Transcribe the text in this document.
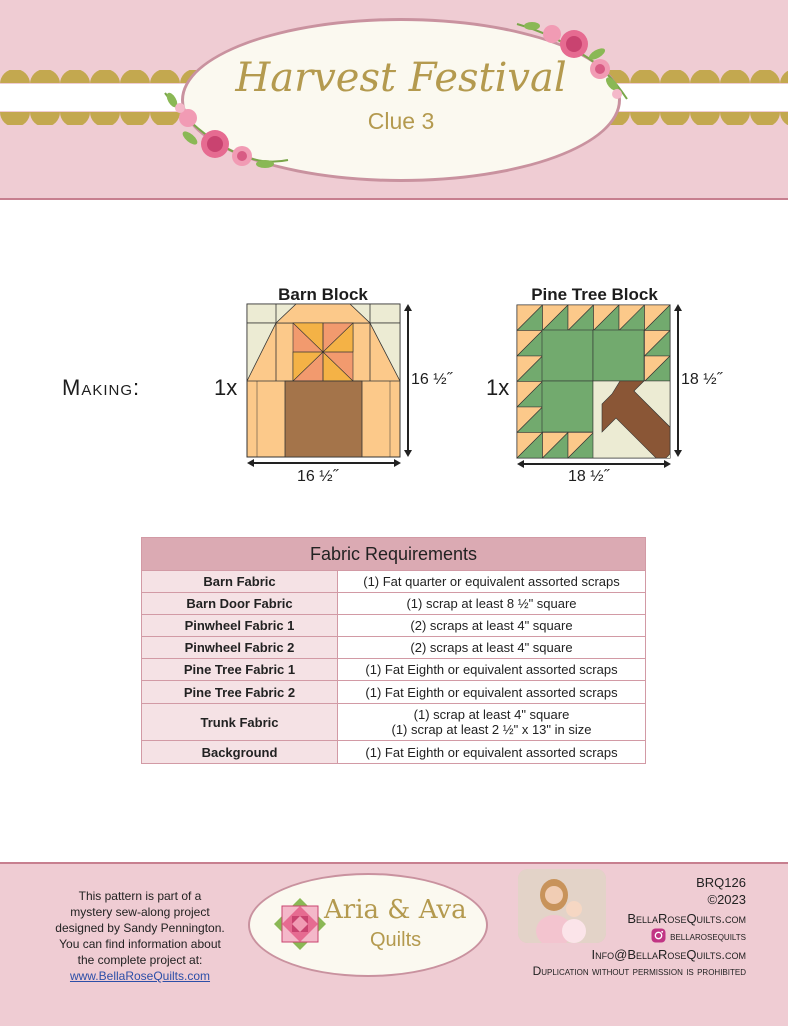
Harvest Festival
Clue 3
Making:	1x
Barn Block
16 ½˝
16 ½˝
1x
Pine Tree Block
18 ½˝
18 ½˝
Fabric Requirements	
Barn Fabric	(1) Fat quarter or equivalent assorted scraps
Barn Door Fabric	(1) scrap at least 8 ½" square
Pinwheel Fabric 1	(2) scraps at least 4" square
Pinwheel Fabric 2	(2) scraps at least 4" square
Pine Tree Fabric 1	(1) Fat Eighth or equivalent assorted scraps
Pine Tree Fabric 2	(1) Fat Eighth or equivalent assorted scraps
Trunk Fabric	(1) scrap at least 4" square
(1) scrap at least 2 ½" x 13" in size

Background	(1) Fat Eighth or equivalent assorted scraps
This pattern is part of a
mystery sew-along project
designed by Sandy Pennington.
You can find information about
the complete project at:
www.BellaRoseQuilts.com
Aria & Ava
Quilts
BRQ126
©2023
BellaRoseQuilts.com
bellarosequilts
Info@BellaRoseQuilts.com
Duplication without permission is prohibited
